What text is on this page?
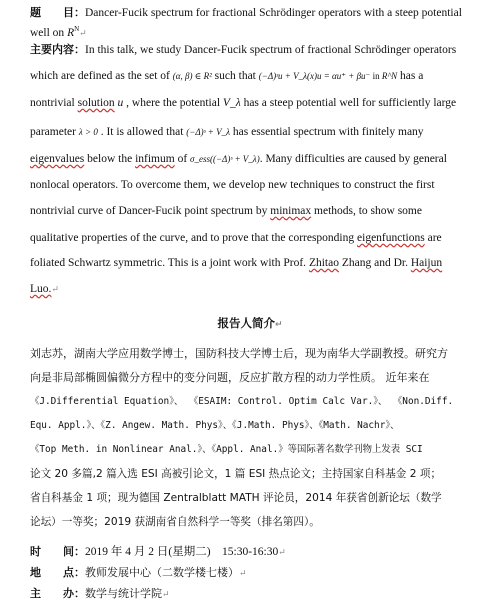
题　　目：Dancer-Fucik spectrum for fractional Schrödinger operators with a steep potential
well on $R^N↵$
主要内容：In this talk, we study Dancer-Fucik spectrum of fractional Schrödinger operators
which are defined as the set of (α, β) ∈ R² such that (−Δ)ˢu + V_λ(x)u = αu⁺ + βu⁻ in R^N has a
nontrivial solution u , where the potential V_λ has a steep potential well for sufficiently large
parameter λ > 0 . It is allowed that (−Δ)ˢ + V_λ has essential spectrum with finitely many
eigenvalues below the infimum of σ_ess((−Δ)ˢ + V_λ). Many difficulties are caused by general
nonlocal operators. To overcome them, we develop new techniques to construct the first
nontrivial curve of Dancer-Fucik point spectrum by minimax methods, to show some
qualitative properties of the curve, and to prove that the corresponding eigenfunctions are
foliated Schwartz symmetric. This is a joint work with Prof. Zhitao Zhang and Dr. Haijun
Luo.↵
报告人简介↵
刘志苏，湖南大学应用数学博士，国防科技大学博士后，现为南华大学副教授。研究方
向是非局部椭圆偏微分方程中的变分问题，反应扩散方程的动力学性质。 近年来在
《J.Differential Equation》、 《ESAIM: Control. Optim Calc Var.》、 《Non.Diff.
Equ. Appl.》、《Z. Angew. Math. Phys》、《J.Math. Phys》、《Math. Nachr》、
《Top Meth. in Nonlinear Anal.》、《Appl. Anal.》等国际著名数学刊物上发表 SCI
论文 20 多篇,2 篇入选 ESI 高被引论文，1 篇 ESI 热点论文；主持国家自科基金 2 项；
省自科基金 1 项；现为德国 Zentralblatt MATH 评论员，2014 年获省创新论坛（数学
论坛）一等奖；2019 获湖南省自然科学一等奖（排名第四）。
时　　间：2019 年 4 月 2 日(星期二)　15:30-16:30↵
地　　点：教师发展中心（二数学楼七楼）↵
主　　办：数学与统计学院↵
